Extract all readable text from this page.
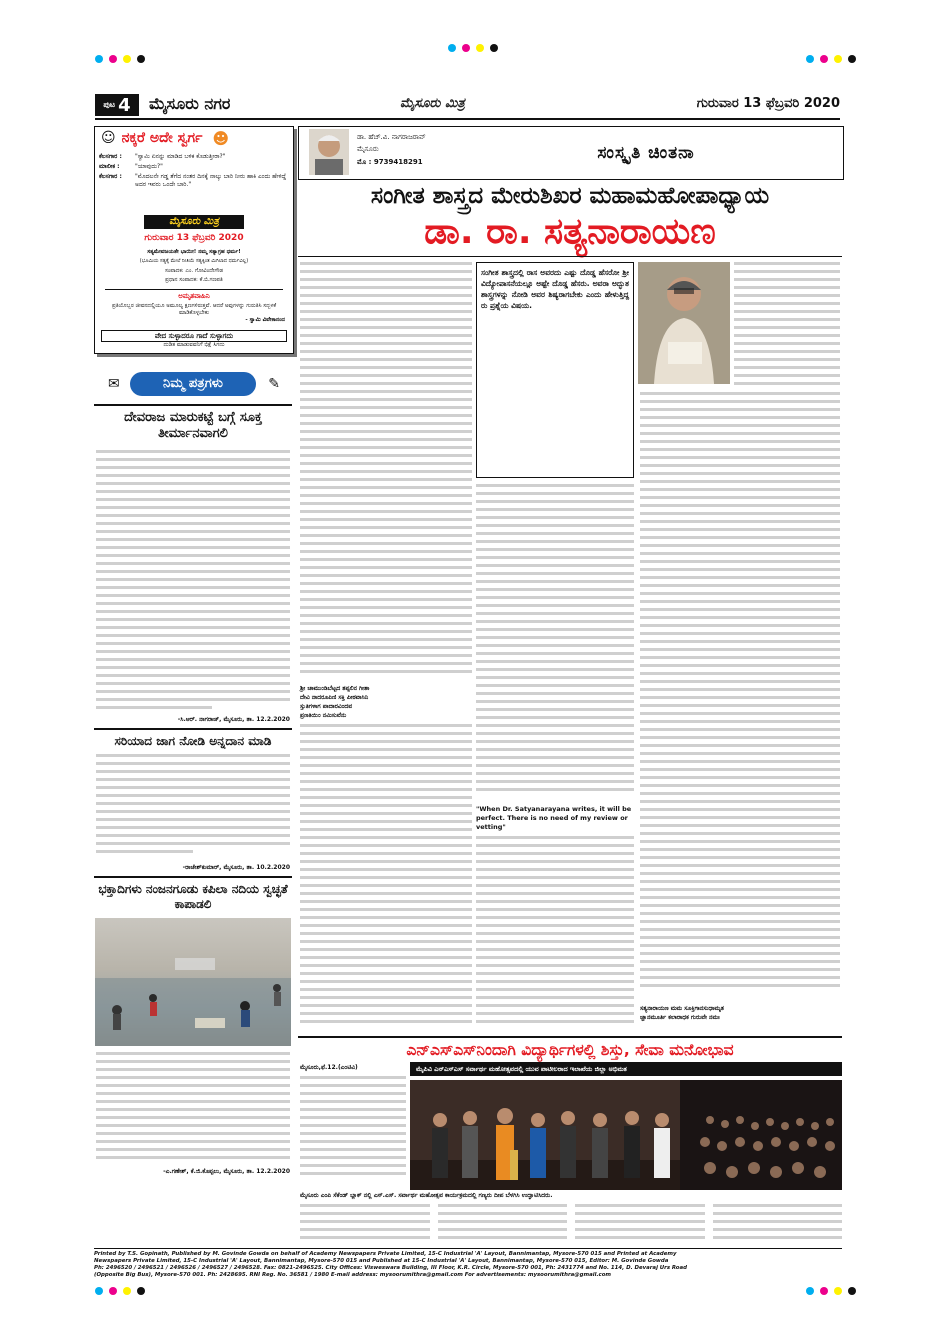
ಪುಟ 4 ಮೈಸೂರು ನಗರ	ಮೈಸೂರು ಮಿತ್ರ	ಗುರುವಾರ 13 ಫೆಬ್ರವರಿ 2020
☺ ನಕ್ಕರೆ ಅದೇ ಸ್ವರ್ಗ ☻
ಕೆಲಸಗಾರ :	"ಸ್ವಾಮಿ ಏನನ್ನು ಮಾಡಿದ ಬಳಿಕ ಕೊಡುತ್ತೀರಾ?"
ಮಾಲೀಕ :	"ಯಾವುದು?"
ಕೆಲಸಗಾರ :	"ಮೊದಲನೇ ಗಡ್ಡ ತೆಗೆದ ನಂತರ ದಿನಕ್ಕೆ ನಾಲ್ಕು ಬಾರಿ ನೀರು ಹಾಕಿ ಎಂದು ಹೇಳಿದ್ದೆ ಅದರ ಇವರು ಒಂದೇ ಬಾರಿ."
ಮೈಸೂರು ಮಿತ್ರ
ಗುರುವಾರ 13 ಫೆಬ್ರವರಿ 2020
ಸತ್ಯಮೇವಜಯತೇ ಭಾಯೀ! ನಮ್ಮ ಸತ್ಯಾಗ್ರಹ ಧರ್ಮ!
(ಭೂಮಿಯ ಸತ್ಯಕ್ಕೆ ಮೇಲೆ ನೀತಿಯೆ ಸತ್ಯಕ್ಕಿಂತ ಮಿಗಿಲಾದ ಧರ್ಮವಿಲ್ಲ)
ಸಂಪಾದಕ: ಎಂ. ಗೋವಿಂದೇಗೌಡ
ಪ್ರಧಾನ ಸಂಪಾದಕ: ಕೆ.ಬಿ.ಗಣಪತಿ
ಅಮೃತವಾಹಿನಿ
ಪ್ರತಿಯೊಬ್ಬರ ಜೀವನದಲ್ಲಿಯೂ ಅಮೂಲ್ಯ ಕ್ಷಣಗಳಿರುತ್ತವೆ. ಆದರೆ ಅವುಗಳನ್ನು ಗುರುತಿಸಿ ಸದ್ಬಳಕೆ ಮಾಡಿಕೊಳ್ಳಬೇಕು
- ಸ್ವಾಮಿ ವಿವೇಕಾನಂದ
ವೇದ ಸುಳ್ಳಾದರೂ ಗಾದೆ ಸುಳ್ಳಾಗದು
ದುಡಿತ ಮಾಡುವವನಿಗೆ ಭಿಕ್ಷೆ ಸಿಗದು
ನಿಮ್ಮ ಪತ್ರಗಳು
✉	✎
ದೇವರಾಜ ಮಾರುಕಟ್ಟೆ ಬಗ್ಗೆ ಸೂಕ್ತ ತೀರ್ಮಾನವಾಗಲಿ
-ಸಿ.ಆರ್. ನಾಗರಾಜ್, ಮೈಸೂರು, ತಾ. 12.2.2020
ಸರಿಯಾದ ಜಾಗ ನೋಡಿ ಅನ್ನದಾನ ಮಾಡಿ
-ರಾಜೇಶ್‌ಕುಮಾರ್, ಮೈಸೂರು, ತಾ. 10.2.2020
ಭಕ್ತಾದಿಗಳು ನಂಜನಗೂಡು ಕಪಿಲಾ ನದಿಯ ಸ್ವಚ್ಛತೆ ಕಾಪಾಡಲಿ
-ಎ.ಗಣೇಶ್, ಕೆ.ಜಿ.ಕೊಪ್ಪಲು, ಮೈಸೂರು, ತಾ. 12.2.2020
ಡಾ. ಹೆಚ್.ವಿ. ನಾಗರಾಜರಾವ್
ಮೈಸೂರು
ಮೊ : 9739418291	ಸಂಸ್ಕೃತಿ ಚಿಂತನಾ
ಸಂಗೀತ ಶಾಸ್ತ್ರದ ಮೇರುಶಿಖರ ಮಹಾಮಹೋಪಾಧ್ಯಾಯ
ಡಾ. ರಾ. ಸತ್ಯನಾರಾಯಣ
ಸಂಗೀತ ಶಾಸ್ತ್ರದಲ್ಲಿ ರಾಸ ಅವರದು ಎಷ್ಟು ದೊಡ್ಡ ಹೆಸರೋ ಶ್ರೀ ವಿದ್ಯೋಪಾಸನೆಯಲ್ಲೂ ಅಷ್ಟೇ ದೊಡ್ಡ ಹೆಸರು. ಅವರಾ ಅದ್ಭುತ ಶಾಸ್ತ್ರಗಳನ್ನು ನೋಡಿ ಅವರ ಶಿಷ್ಯರಾಗಬೇಕು ಎಂದು ಹೇಳುತ್ತಿದ್ದರು ಪ್ರಶ್ನೆಯ ವಿಷಯ.
"When Dr. Satyanarayana writes, it will be perfect. There is no need of my review or vetting"
ಶ್ರೀ ಚಾಮುಂಡಿಬೆಟ್ಟದ ತಪ್ಪಲಿನ ಗೀತಾ
ದೇವಿ ನಾದರೂಪಿಣಿ ಸಕ್ತಿ ಪೀಠವಾಸಿನಿ
ಸ್ತುತಿಗಳಾಗ ಪಾದಾರವಿಂದವ
ಪ್ರಣತಿಯಿಂ ನಮಿಸುವೆನು
ಸತ್ಯನಾರಾಯಣ ಮಮ ಸೂಕ್ತಿಗಾನಸುಧಾಮೃತ
ಜ್ಞಾನಮೂರ್ತಿ ಕಲಾರಾಧಕ ಗುರುವೇ ನಮಃ
ಎನ್‌ಎಸ್‌ಎಸ್‌ನಿಂದಾಗಿ ವಿದ್ಯಾರ್ಥಿಗಳಲ್ಲಿ ಶಿಸ್ತು, ಸೇವಾ ಮನೋಭಾವ
ಮೈಪಿವಿ ಎನ್‌ಎಸ್‌ಎಸ್ ಸರ್ವಾರ್ಥ ಮಹೋತ್ಸವದಲ್ಲಿ ಯುವ ಪಾಟೀಲರಾದ ಇಲಾಖೆಯ ಜಿಲ್ಲಾ ಅಭಿಮತ
ಮೈಸೂರು,ಫೆ.12.(ಎಂಟಿವಿ)
ಮೈಸೂರು ಎಂಪಿ ಸೆಕೆಂಡ್ ಬ್ಲಾಕ್ ನಲ್ಲಿ ಎಸ್.ಎಸ್. ಸರ್ವಾರ್ಥ ಮಹೋತ್ಸವ ಕಾರ್ಯಕ್ರಮದಲ್ಲಿ ಗಣ್ಯರು ದೀಪ ಬೆಳಗಿಸಿ ಉದ್ಘಾಟಿಸಿದರು.
Printed by T.S. Gopinath, Published by M. Govinde Gowda on behalf of Academy Newspapers Private Limited, 15-C Industrial 'A' Layout, Bannimantap, Mysore-570 015 and Printed at Academy
Newspapers Private Limited, 15-C Industrial 'A' Layout, Bannimantap, Mysore-570 015 and Published at 15-C Industrial 'A' Layout, Bannimantap, Mysore-570 015, Editor: M. Govinde Gowda
Ph: 2496520 / 2496521 / 2496526 / 2496527 / 2496528. Fax: 0821-2496525. City Offices: Visweswara Building, III Floor, K.R. Circle, Mysore-570 001, Ph: 2431774 and No. 114, D. Devaraj Urs Road
(Opposite Big Bus), Mysore-570 001. Ph: 2428695. RNI Reg. No. 36581 / 1980 E-mail address: mysoorumithra@gmail.com For advertisements: mysoorumithra@gmail.com
